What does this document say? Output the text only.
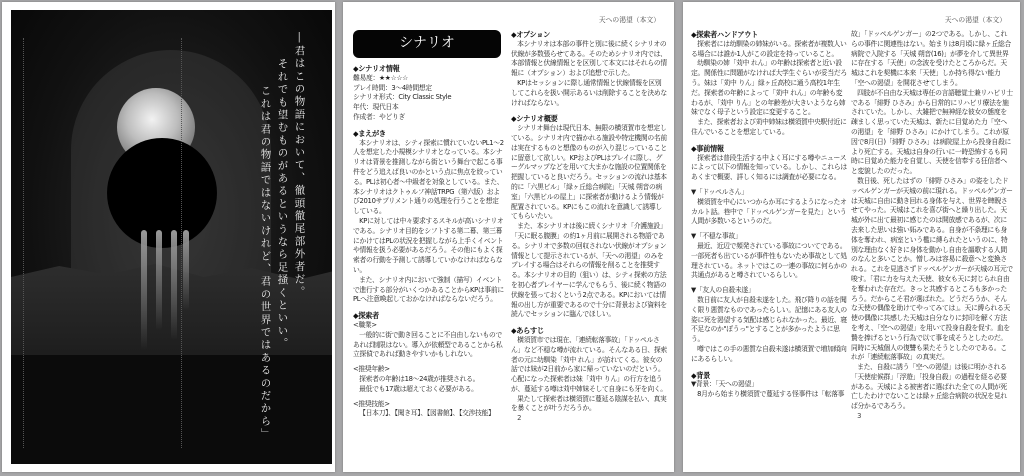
―君はこの物語において、徹頭徹尾部外者だ。
それでも望むものがあるというなら足掻くといい。
これは君の物語ではないけれど、君の世界ではあるのだから」
天への渇望（本文）
シナリオ
◆シナリオ情報

難易度：★★☆☆☆

プレイ時間：3～4時間想定

シナリオ形式：City Classic Style

年代：現代日本

作成者：やどりぎ

◆まえがき

本シナリオは、シティ探索に慣れていないPL1～2人を想定した小規模シナリオとなっている。本シナリオは背景を推測しながら街という舞台で起こる事件をどう追えば良いのかという点に焦点を絞っている。PLは初心者～中級者を対象としている。また、本シナリオはクトゥルフ神話TRPG（第六版）および2010サプリメント通りの処理を行うことを想定している。

KPに対しては中々要求するスキルが高いシナリオである。シナリオ目的をシフトする第二幕、第三幕にかけてはPLの状況を把握しながら上手くイベントや情報を扱う必要があるだろう。その他にもよく探索者の行動を予測して誘導していかなければならない。

また、シナリオ内において強制（描写）イベントで進行する部分がいくつかあることからKPは事前にPLへ注意喚起しておかなければならないだろう。

◆探索者

<職業>

一般的に街で動き回ることに不自由しないものであれば制限はない。導入が依頼型であることから私立探偵であれば動きやすいかもしれない。

<推奨年齢>

探索者の年齢は18～24歳が推奨される。

最低でも17歳は超えておく必要がある。

<推奨技能>

【日本刀】、【聞き耳】、【図書館】、【交渉技能】

◆オプション

本シナリオは本部の事件と別に後に続くシナリオの伏線が多数張らせてある。そのためシナリオ内では、本部情報と伏線情報とを区別して本文にはそれらの情報に（オプション）および追想で示した。

KPはセッションに際し通常情報と伏線情報を区別してこれらを扱い開示あるいは削除することを決めなければならない。

◆シナリオ概要

シナリオ舞台は現代日本、無限の横須賀市を想定している。シナリオ内で描かれる施設や特定機関の名前は実在するものと想像のものが入り混じっていることに留意して欲しい。KPおよびPLはプレイに際し、グーグルマップなどを用いて大まかな施設の位置関係を把握していると良いだろう。セッションの流れは基本的に「六黒ビル」「緑ヶ丘総合病院」「天城 朔音の病室」「六黒ビルの屋上」に探索者が動けるよう情報が配置されている。KPにもこの流れを意識して誘導してもらいたい。

また、本シナリオは後に続くシナリオ「介護施設」「天に眠る腹膜」の約1ヶ月前に展開される物語である。シナリオで多数の回収されない伏線がオプション情報として提示されているが、「天への渇望」のみをプレイする場合はそれらの情報を削ることを推奨する。本シナリオの目的（狙い）は、シティ探索の方法を初心者プレイヤーに学んでもらう、後に続く物語の伏線を張っておくという2点である。KPにおいては情報の出し方が重要であるので十分に背景および資料を読んでセッションに臨んでほしい。

◆あらすじ

横須賀市では現在、「連続転落事故」「ドッペルさん」など不穏な噂が流れている。そんなある日、探索者の元に幼馴染「苅中 れん」が訪れてくる。彼女の話では妹が2日前から家に帰っていないのだという。心配になった探索者は妹「苅中 りん」の行方を追うが、蔓延する噂は苅中姉妹そして自身にも牙を向く。

果たして探索者は横須賀に蔓延る陰謀を払い、真実を暴くことが叶うだろうか。

2

天への渇望（本文）
◆探索者ハンドアウト

探索者には幼馴染の姉妹がいる。探索者が複数人いる場合には誰か1人がこの設定を持っていること。

幼馴染の姉「苅中 れん」の年齢は探索者と近い設定。関係性に問題がなければ大学生ぐらいが妥当だろう。妹は「苅中 りん」緑ヶ丘高校に通う高校1年生だ。探索者の年齢によって「苅中 れん」の年齢も変わるが、「苅中 りん」との年齢差が大きいようなら姉妹でなく母子という設定に変更すること。

また、探索者および苅中姉妹は横須賀中央駅付近に住んでいることを想定している。

◆事前情報

探索者は普段生活する中よく耳にする噂やニュースによって以下の情報を知っている。しかし、これらはあくまで概要、詳しく知るには調査が必要になる。

▼「ドッペルさん」

横須賀を中心にいつからか耳にするようになったオカルト話。巷中で「ドッペルゲンガーを見た」という人間が多数いるというのだ。

▼「不穏な事故」

最近、近辺で頻発されている事故についてである。一部死者も出ているが事件性もないため事故として処理されている。ネットではこの一連の事故に何らかの共通点があると噂されているらしい。

▼「友人の自殺未遂」

数日前に友人が自殺未遂をした。飛び降りの話を聞く限り悪質なものであったらしい。記憶にある友人の姿に死を渇望する気配は感じられなかった。最近、寝不足なのか"ぼうっ"とすることが多かったように思う。

噂ではこの手の悪質な自殺未遂は横須賀で増加傾向にあるらしい。

◆背景

▼背景：「天への渇望」

8月から始まり横須賀で蔓延する怪事件は「転落事

故」「ドッペルゲンガー」の2つである。しかし、これらの事件に関連性はない。始まりは8月頃に緑ヶ丘総合病院で入院する「天城 朔音(16)」が夢を介して異世界に存在する「天使」の念波を受けたところからだ。天城はこれを契機に本来「天使」しか持ち得ない能力「空への渇望」を開花させてしまう。

四肢が不自由な天城は専任の言語聴覚士兼リハビリ士である「緋野 ひさみ」から日常的にリハビリ療法を施されていた。しかし、大雑把で無神経な彼女の態度を疎ましく思っていた天城は、新たに目覚めた力「空への渇望」を「緋野 ひさみ」にかけてしまう。これが原因で8月(日)「緋野 ひさみ」は病院屋上から投身自殺により死亡する。天城は自身の行いに一時恐怖するも同時に目覚めた能力を自覚し、天使を信奉する狂信者へと変貌したのだった。

数日後、死したはずの「緋野 ひさみ」の姿をしたドッペルゲンガーが天城の前に現れる。ドッペルゲンガーは天城に自由に動き回れる身体を与え、世界を睥睨させてやった。天城はこれを喜び街へと繰り出した。天城が外に出て最初に感じたのは開放感であるが、次に去来した思いは強い妬みである。自身が不条理にも身体を奪われ、病室という檻に縛られたというのに、特別な理由なく好きに身体を動かし自由を謳歌する人間のなんと多いことか。憎しみは容易に殺意へと変換される。これを見逃さずドッペルゲンガーが天城の耳元で唆す。「君に力を与えた天使、彼女も天に封じられ自由を奪われた存在だ。きっと共感するところも多かったろう。だからこそ君が選ばれた。どうだろうか、そんな天使の偶像を助けてやってみては」。天に縛られる天使の偶像に共感した天城は自分なりに封印を解く方法を考え、「空への渇望」を用いて投身自殺を促す。血を贄を捧げるという行為で以て事を成そうとしたのだ。同時に天城個人の復讐も果たそうとしたのである。これが「連続転落事故」の真実だ。

また、自殺に誘う「空への渇望」は後に明かされる「天使症候群」「浮遊」「投身自殺」の過程を経る必要がある。天城による被害者に選ばれた全ての人間が死亡したわけでないことは緑ヶ丘総合病院の状況を見れば分かるであろう。

3
